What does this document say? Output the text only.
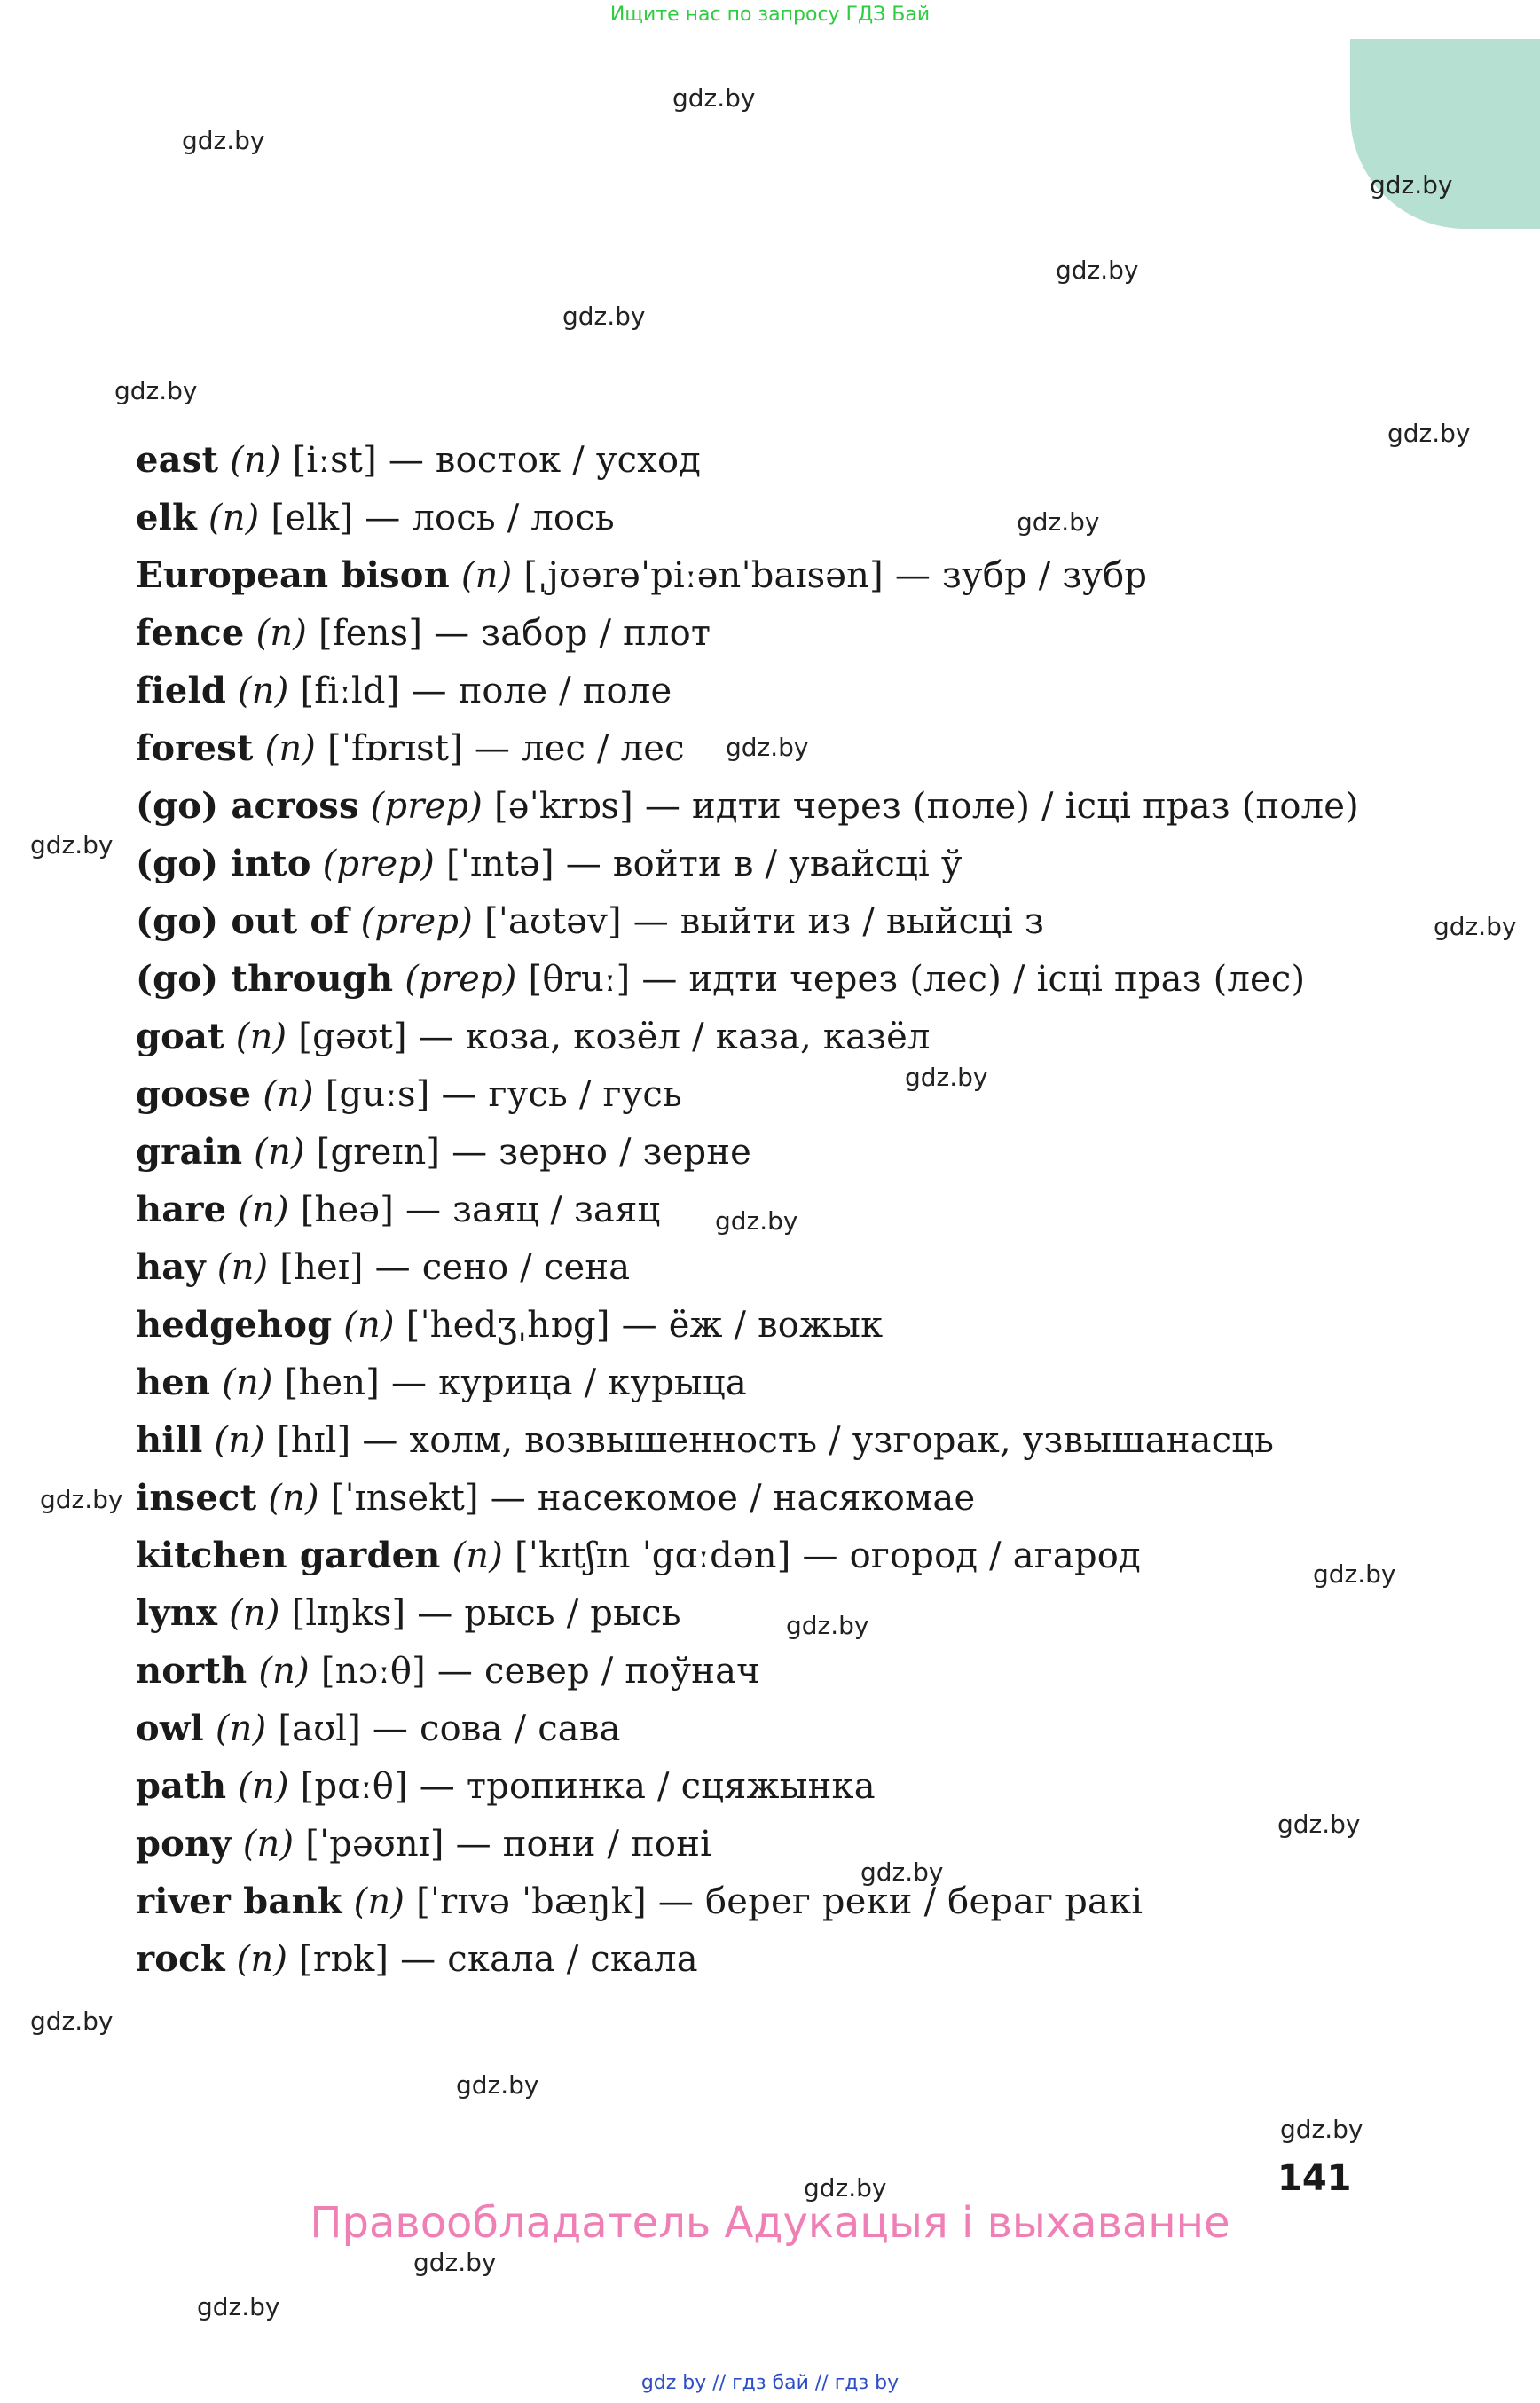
Ищите нас по запросу ГДЗ Бай
gdz.by
gdz.by
gdz.by
gdz.by
gdz.by
gdz.by
gdz.by
gdz.by
gdz.by
gdz.by
gdz.by
gdz.by
gdz.by
gdz.by
gdz.by
gdz.by
gdz.by
gdz.by
gdz.by
gdz.by
gdz.by
gdz.by
gdz.by
gdz.by
east (n) [iːst] — восток / усход
elk (n) [elk] — лось / лось
European bison (n) [ˌjʊərəˈpiːənˈbaɪsən] — зубр / зубр
fence (n) [fens] — забор / плот
field (n) [fiːld] — поле / поле
forest (n) [ˈfɒrɪst] — лес / лес
(go) across (prep) [əˈkrɒs] — идти через (поле) / ісці праз (поле)
(go) into (prep) [ˈɪntə] — войти в / увайсці ў
(go) out of (prep) [ˈaʊtəv] — выйти из / выйсці з
(go) through (prep) [θruː] — идти через (лес) / ісці праз (лес)
goat (n) [gəʊt] — коза, козёл / каза, казёл
goose (n) [guːs] — гусь / гусь
grain (n) [greɪn] — зерно / зерне
hare (n) [heə] — заяц / заяц
hay (n) [heɪ] — сено / сена
hedgehog (n) [ˈhedʒˌhɒg] — ёж / вожык
hen (n) [hen] — курица / курыца
hill (n) [hɪl] — холм, возвышенность / узгорак, узвышанасць
insect (n) [ˈɪnsekt] — насекомое / насякомае
kitchen garden (n) [ˈkɪtʃɪn ˈgɑːdən] — огород / агарод
lynx (n) [lɪŋks] — рысь / рысь
north (n) [nɔːθ] — север / поўнач
owl (n) [aʊl] — сова / сава
path (n) [pɑːθ] — тропинка / сцяжынка
pony (n) [ˈpəʊnɪ] — пони / поні
river bank (n) [ˈrɪvə ˈbæŋk] — берег реки / бераг ракі
rock (n) [rɒk] — скала / скала
141
Правообладатель Адукацыя і выхаванне
gdz by // гдз бай // гдз by
